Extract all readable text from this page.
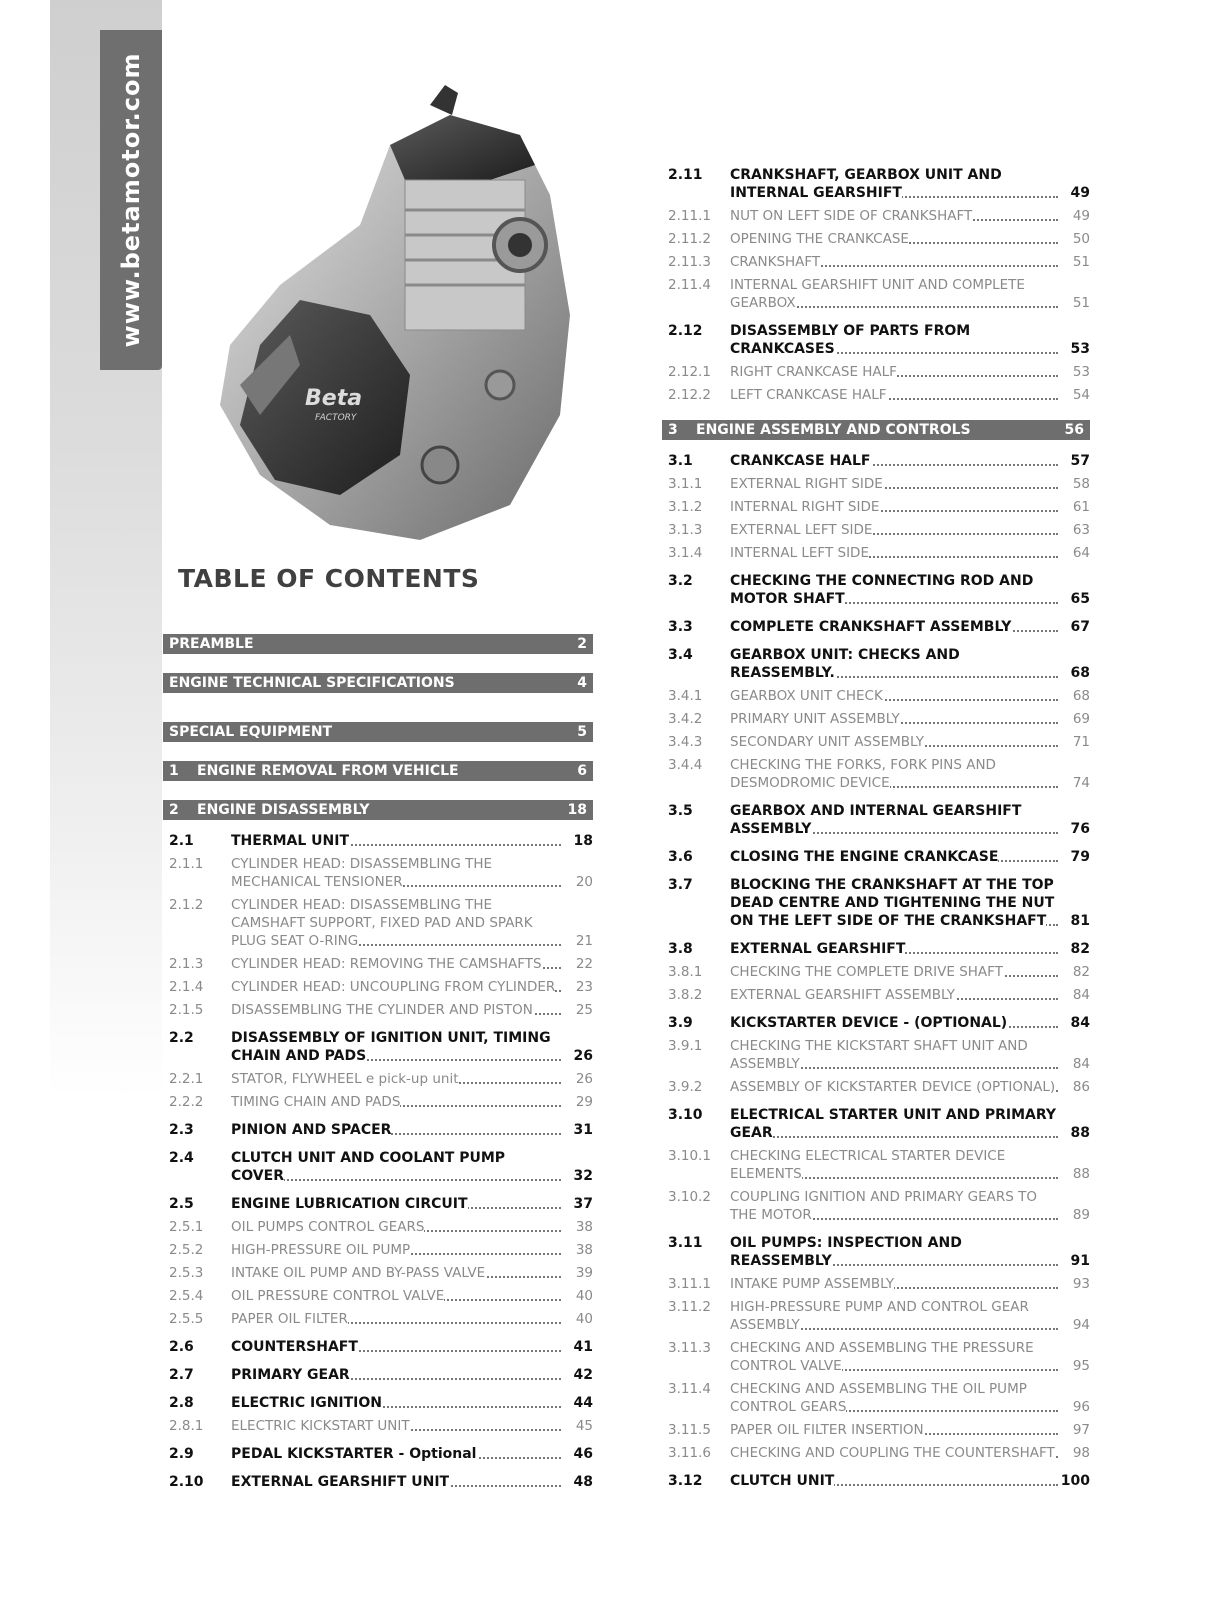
www.betamotor.com
Beta
FACTORY
TABLE OF CONTENTS
PREAMBLE	2
ENGINE TECHNICAL SPECIFICATIONS	4
SPECIAL EQUIPMENT	5
1	ENGINE REMOVAL FROM VEHICLE	6
2	ENGINE DISASSEMBLY	18
2.1	THERMAL UNIT	18
2.1.1	CYLINDER HEAD: DISASSEMBLING THE MECHANICAL TENSIONER	20
2.1.2	CYLINDER HEAD: DISASSEMBLING THE CAMSHAFT SUPPORT, FIXED PAD AND SPARK PLUG SEAT O-RING	21
2.1.3	CYLINDER HEAD: REMOVING THE CAMSHAFTS	22
2.1.4	CYLINDER HEAD: UNCOUPLING FROM CYLINDER 23
2.1.5	DISASSEMBLING THE CYLINDER AND PISTON	25
2.2	DISASSEMBLY OF IGNITION UNIT, TIMING CHAIN AND PADS	26
2.2.1	STATOR, FLYWHEEL e pick-up unit	26
2.2.2	TIMING CHAIN AND PADS	29
2.3	PINION AND SPACER	31
2.4	CLUTCH UNIT AND COOLANT PUMP COVER	32
2.5	ENGINE LUBRICATION CIRCUIT	37
2.5.1	OIL PUMPS CONTROL GEARS	38
2.5.2	HIGH-PRESSURE OIL PUMP	38
2.5.3	INTAKE OIL PUMP AND BY-PASS VALVE	39
2.5.4	OIL PRESSURE CONTROL VALVE	40
2.5.5	PAPER OIL FILTER	40
2.6	COUNTERSHAFT	41
2.7	PRIMARY GEAR	42
2.8	ELECTRIC IGNITION	44
2.8.1	ELECTRIC KICKSTART UNIT	45
2.9	PEDAL KICKSTARTER - Optional	46
2.10	EXTERNAL GEARSHIFT UNIT	48
2.11	CRANKSHAFT, GEARBOX UNIT AND INTERNAL GEARSHIFT	49
2.11.1	NUT ON LEFT SIDE OF CRANKSHAFT	49
2.11.2	OPENING THE CRANKCASE	50
2.11.3	CRANKSHAFT	51
2.11.4	INTERNAL GEARSHIFT UNIT AND COMPLETE GEARBOX	51
2.12	DISASSEMBLY OF PARTS FROM CRANKCASES	53
2.12.1	RIGHT CRANKCASE HALF	53
2.12.2	LEFT CRANKCASE HALF	54
3	ENGINE ASSEMBLY AND CONTROLS	56
3.1	CRANKCASE HALF	57
3.1.1	EXTERNAL RIGHT SIDE	58
3.1.2	INTERNAL RIGHT SIDE	61
3.1.3	EXTERNAL LEFT SIDE	63
3.1.4	INTERNAL LEFT SIDE	64
3.2	CHECKING THE CONNECTING ROD AND MOTOR SHAFT	65
3.3	COMPLETE CRANKSHAFT ASSEMBLY	67
3.4	GEARBOX UNIT: CHECKS AND REASSEMBLY.	68
3.4.1	GEARBOX UNIT CHECK	68
3.4.2	PRIMARY UNIT ASSEMBLY	69
3.4.3	SECONDARY UNIT ASSEMBLY	71
3.4.4	CHECKING THE FORKS, FORK PINS AND DESMODROMIC DEVICE	74
3.5	GEARBOX AND INTERNAL GEARSHIFT ASSEMBLY	76
3.6	CLOSING THE ENGINE CRANKCASE	79
3.7	BLOCKING THE CRANKSHAFT AT THE TOP DEAD CENTRE AND TIGHTENING THE NUT ON THE LEFT SIDE OF THE CRANKSHAFT 81
3.8	EXTERNAL GEARSHIFT	82
3.8.1	CHECKING THE COMPLETE DRIVE SHAFT	82
3.8.2	EXTERNAL GEARSHIFT ASSEMBLY	84
3.9	KICKSTARTER DEVICE - (OPTIONAL)	84
3.9.1	CHECKING THE KICKSTART SHAFT UNIT AND ASSEMBLY	84
3.9.2	ASSEMBLY OF KICKSTARTER DEVICE (OPTIONAL) 86
3.10	ELECTRICAL STARTER UNIT AND PRIMARY GEAR	88
3.10.1	CHECKING ELECTRICAL STARTER DEVICE ELEMENTS	88
3.10.2	COUPLING IGNITION AND PRIMARY GEARS TO THE MOTOR	89
3.11	OIL PUMPS: INSPECTION AND REASSEMBLY	91
3.11.1	INTAKE PUMP ASSEMBLY	93
3.11.2	HIGH-PRESSURE PUMP AND CONTROL GEAR ASSEMBLY	94
3.11.3	CHECKING AND ASSEMBLING THE PRESSURE CONTROL VALVE	95
3.11.4	CHECKING AND ASSEMBLING THE OIL PUMP CONTROL GEARS	96
3.11.5	PAPER OIL FILTER INSERTION	97
3.11.6	CHECKING AND COUPLING THE COUNTERSHAFT 98
3.12	CLUTCH UNIT	100
